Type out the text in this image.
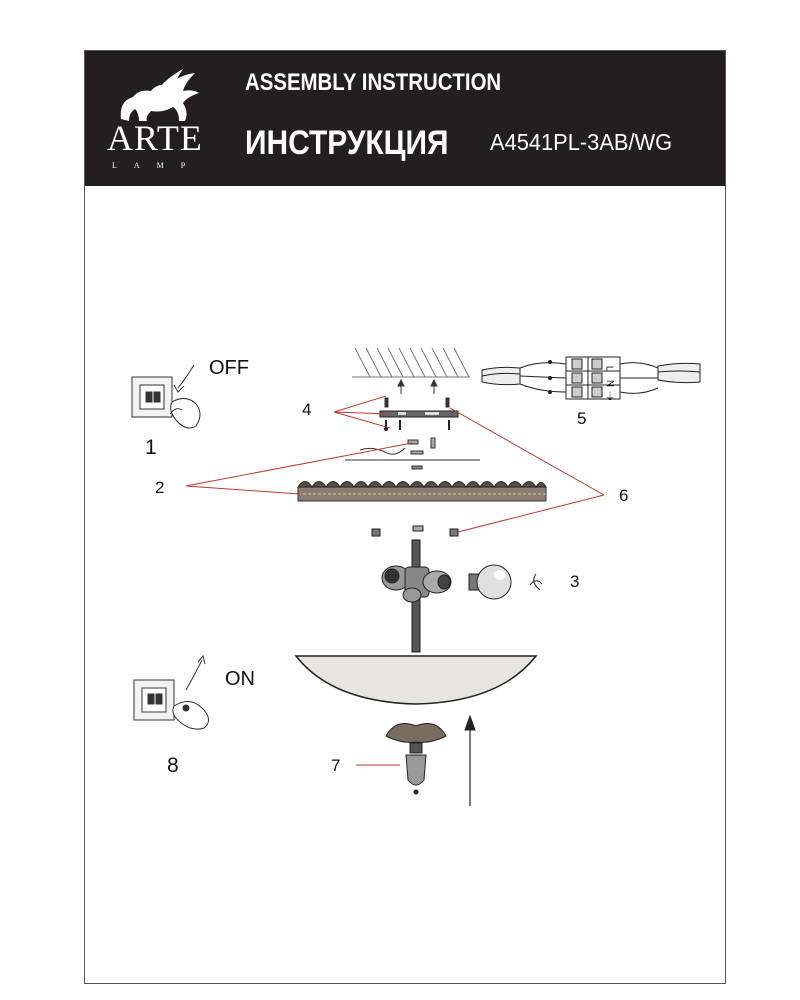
ARTE
LAMP
ASSEMBLY INSTRUCTION
ИНСТРУКЦИЯ A4541PL-3AB/WG
OFF
1
4
2	6
5
3
ON
8	7
L
N
⏚
